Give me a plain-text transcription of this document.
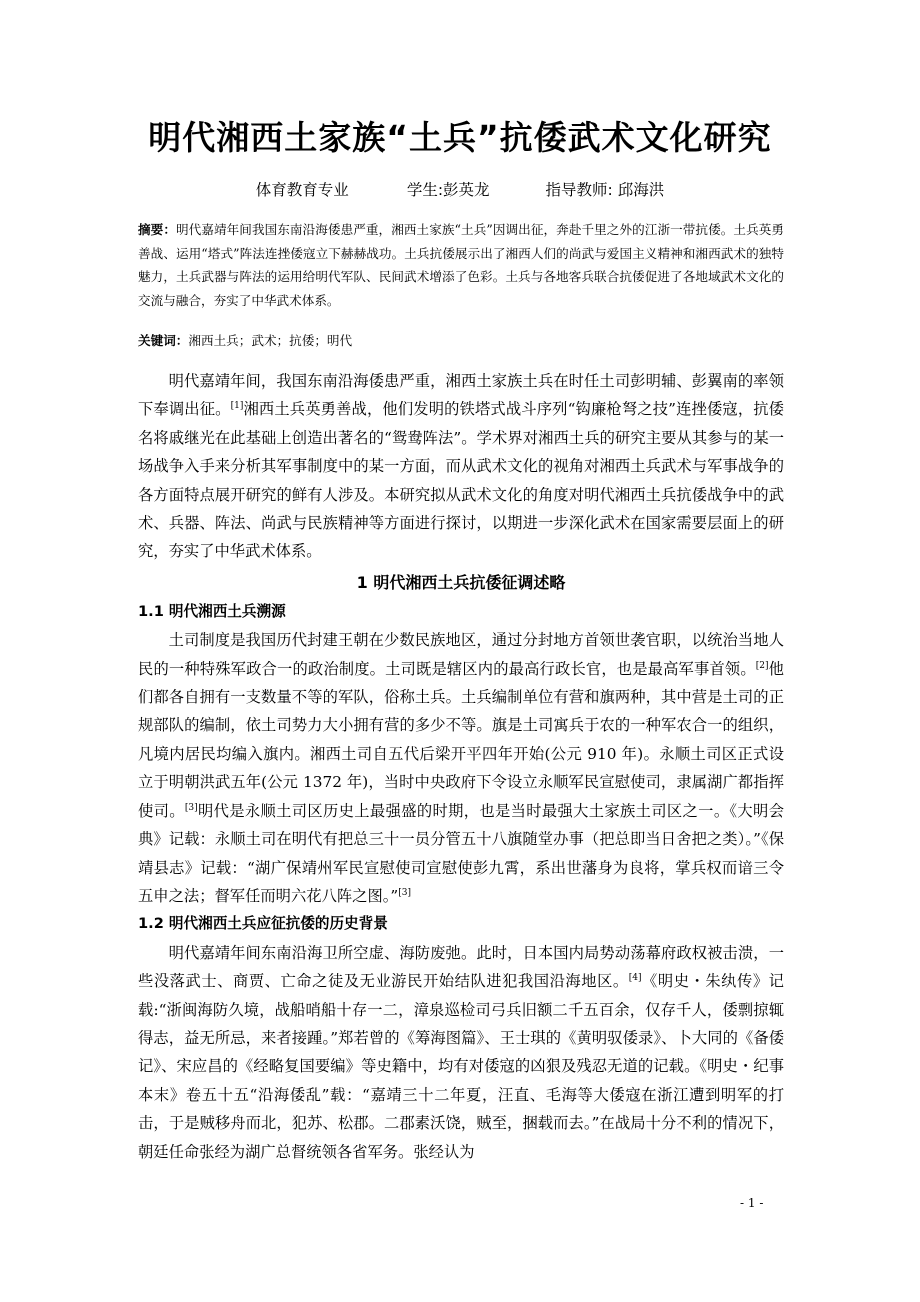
明代湘西土家族“土兵”抗倭武术文化研究
体育教育专业	学生:彭英龙	指导教师: 邱海洪
摘要：明代嘉靖年间我国东南沿海倭患严重，湘西土家族“土兵”因调出征，奔赴千里之外的江浙一带抗倭。土兵英勇善战、运用“塔式”阵法连挫倭寇立下赫赫战功。土兵抗倭展示出了湘西人们的尚武与爱国主义精神和湘西武术的独特魅力，土兵武器与阵法的运用给明代军队、民间武术增添了色彩。土兵与各地客兵联合抗倭促进了各地域武术文化的交流与融合，夯实了中华武术体系。
关键词：湘西土兵；武术；抗倭；明代

明代嘉靖年间，我国东南沿海倭患严重，湘西土家族土兵在时任土司彭明辅、彭翼南的率领下奉调出征。[1]湘西土兵英勇善战，他们发明的铁塔式战斗序列“钩廉枪弩之技”连挫倭寇，抗倭名将戚继光在此基础上创造出著名的“鸳鸯阵法”。学术界对湘西土兵的研究主要从其参与的某一场战争入手来分析其军事制度中的某一方面，而从武术文化的视角对湘西土兵武术与军事战争的各方面特点展开研究的鲜有人涉及。本研究拟从武术文化的角度对明代湘西土兵抗倭战争中的武术、兵器、阵法、尚武与民族精神等方面进行探讨，以期进一步深化武术在国家需要层面上的研究，夯实了中华武术体系。

1 明代湘西土兵抗倭征调述略
1.1 明代湘西土兵溯源

土司制度是我国历代封建王朝在少数民族地区，通过分封地方首领世袭官职，以统治当地人民的一种特殊军政合一的政治制度。土司既是辖区内的最高行政长官，也是最高军事首领。[2]他们都各自拥有一支数量不等的军队，俗称土兵。土兵编制单位有营和旗两种，其中营是土司的正规部队的编制，依土司势力大小拥有营的多少不等。旗是土司寓兵于农的一种军农合一的组织，凡境内居民均编入旗内。湘西土司自五代后梁开平四年开始(公元 910 年)。永顺土司区正式设立于明朝洪武五年(公元 1372 年)，当时中央政府下令设立永顺军民宣慰使司，隶属湖广都指挥使司。[3]明代是永顺土司区历史上最强盛的时期，也是当时最强大土家族土司区之一。《大明会典》记载：永顺土司在明代有把总三十一员分管五十八旗随堂办事（把总即当日舍把之类）。”《保靖县志》记载：“湖广保靖州军民宣慰使司宣慰使彭九霄，系出世藩身为良将，掌兵权而谙三令五申之法；督军任而明六花八阵之图。”[3]

1.2 明代湘西土兵应征抗倭的历史背景

明代嘉靖年间东南沿海卫所空虚、海防废弛。此时，日本国内局势动荡幕府政权被击溃，一些没落武士、商贾、亡命之徒及无业游民开始结队进犯我国沿海地区。[4]《明史・朱纨传》记载:“浙闽海防久境，战船哨船十存一二，漳泉巡检司弓兵旧额二千五百余，仅存千人，倭剽掠辄得志，益无所忌，来者接踵。”郑若曾的《筹海图篇》、王士琪的《黄明驭倭录》、卜大同的《备倭记》、宋应昌的《经略复国要编》等史籍中，均有对倭寇的凶狠及残忍无道的记载。《明史・纪事本末》卷五十五“沿海倭乱”载：“嘉靖三十二年夏，汪直、毛海等大倭寇在浙江遭到明军的打击，于是贼移舟而北，犯苏、松郡。二郡素沃饶，贼至，捆载而去。”在战局十分不利的情况下，朝廷任命张经为湖广总督统领各省军务。张经认为

- 1 -
